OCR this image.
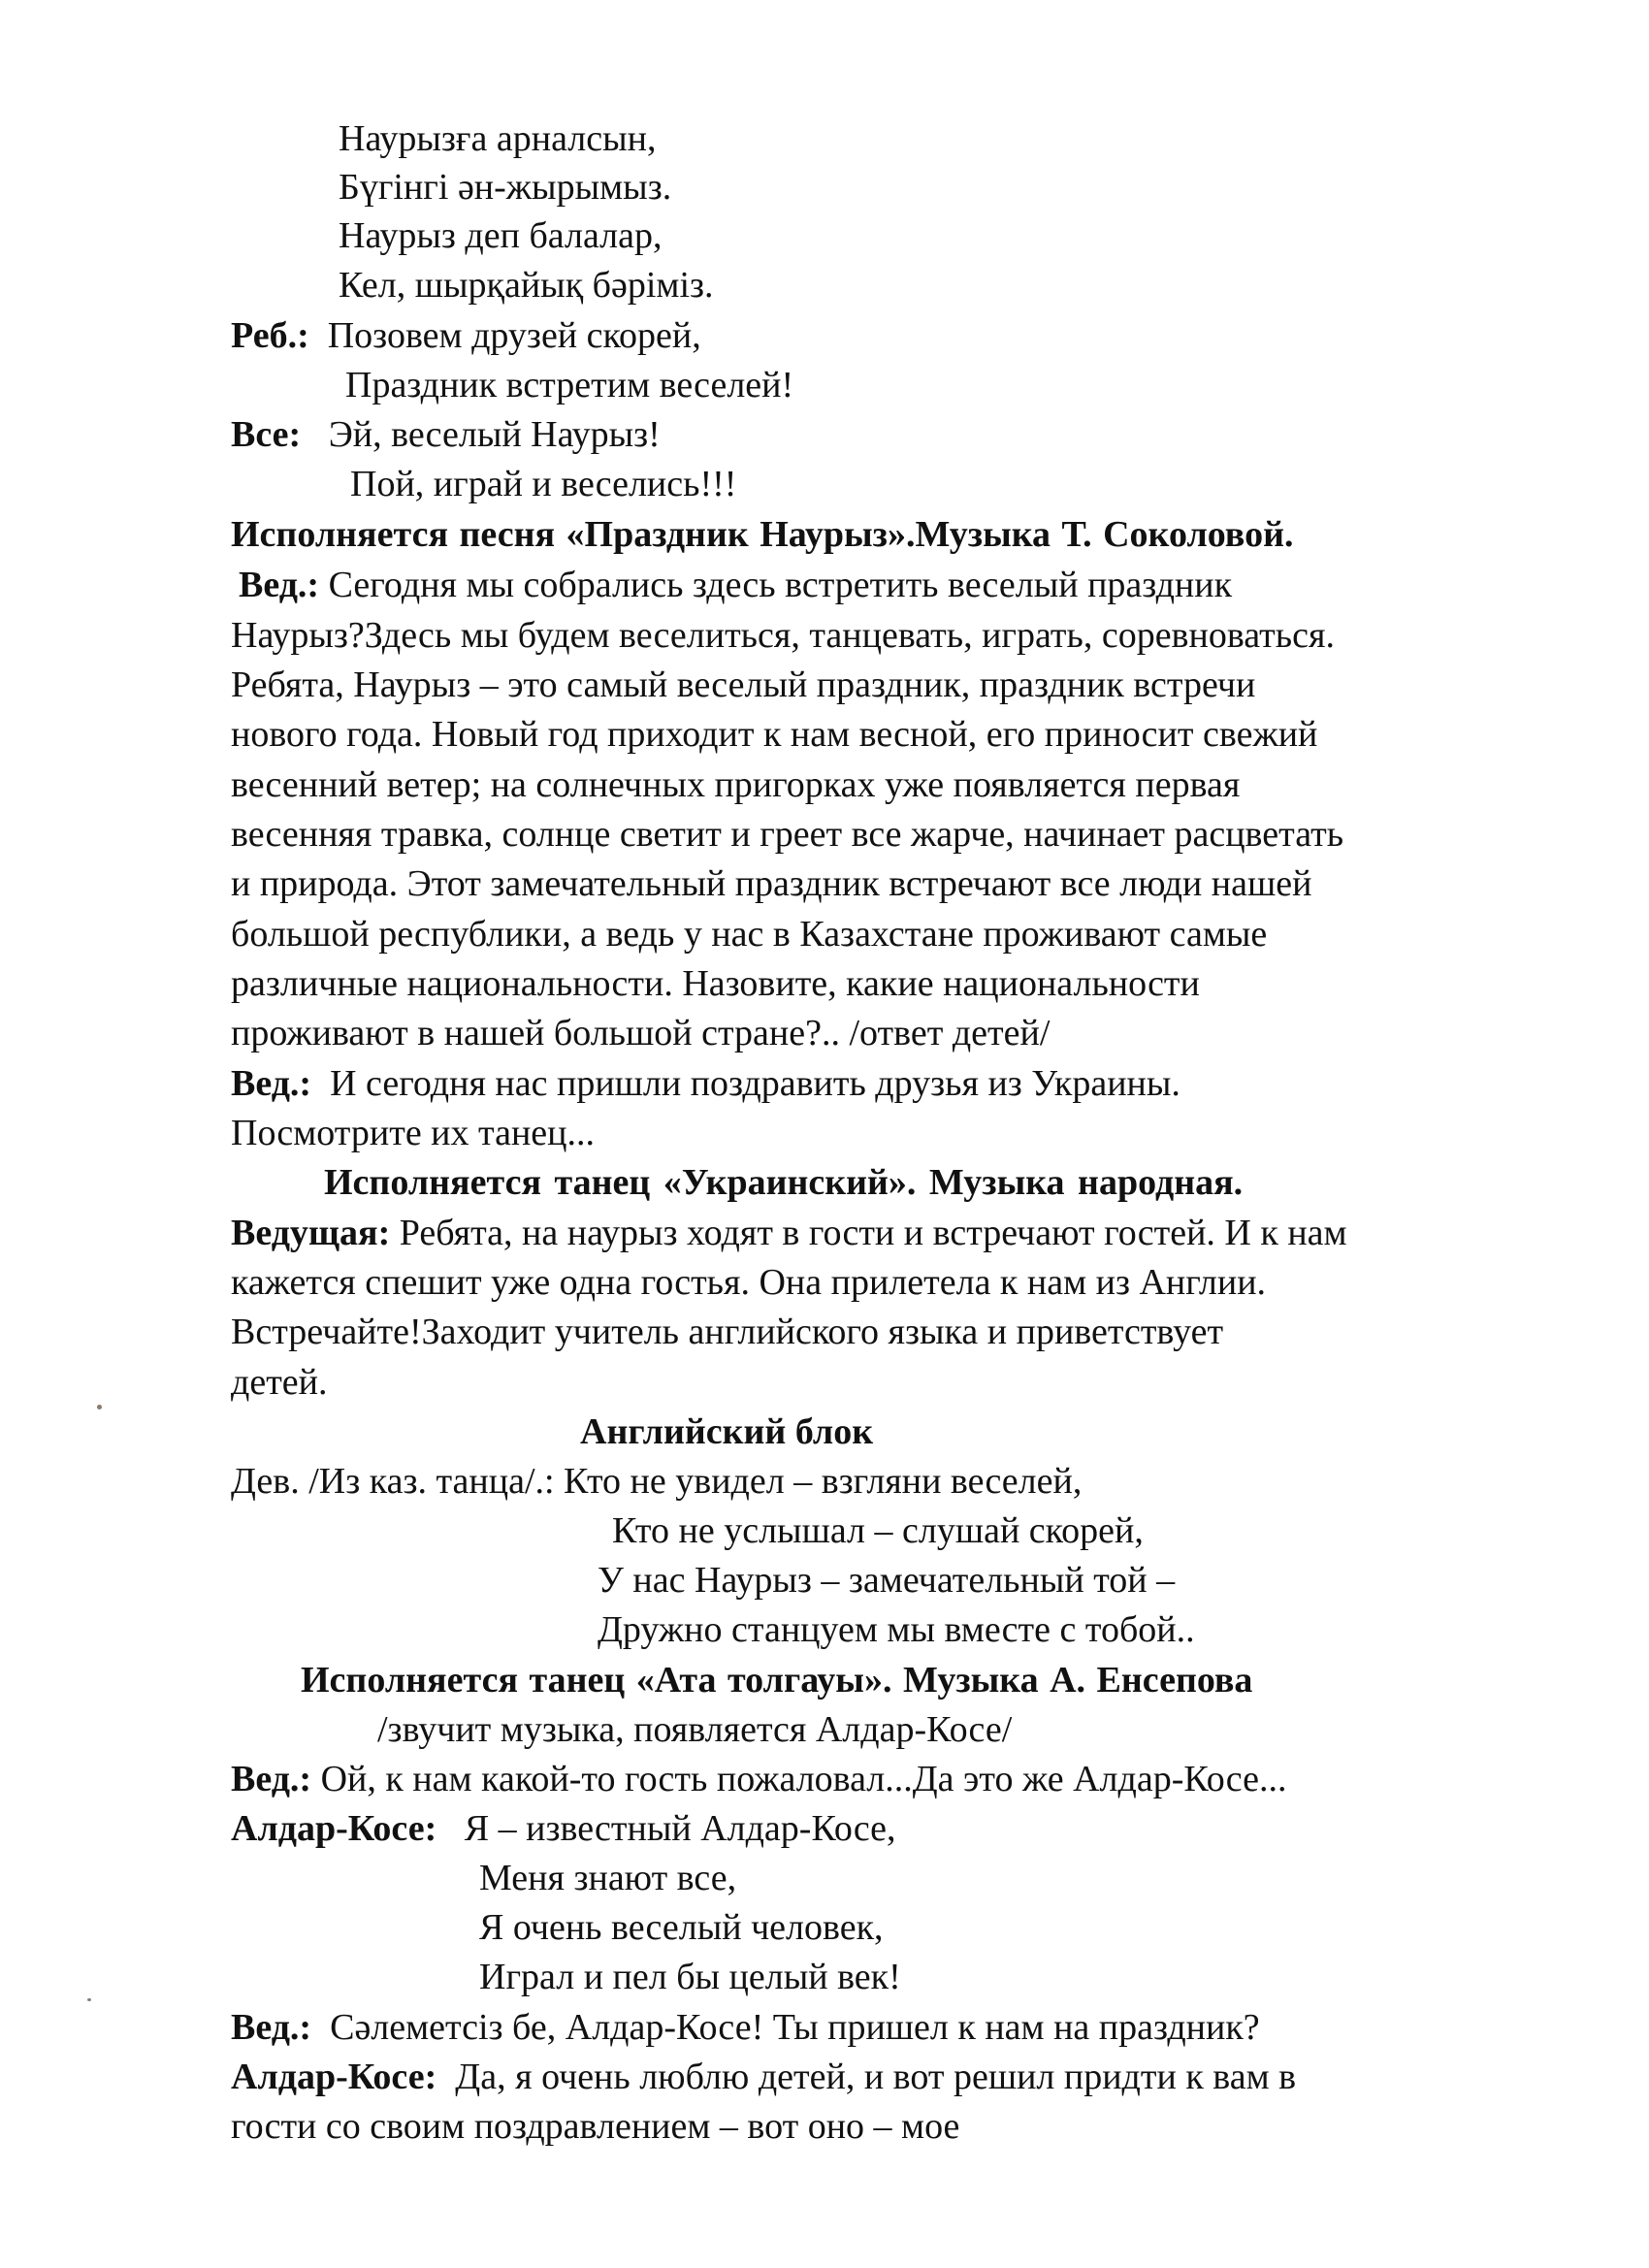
Наурызға арналсын,
Бүгінгі ән-жырымыз.
Наурыз деп балалар,
Кел, шырқайық бәріміз.
Реб.: Позовем друзей скорей,
Праздник встретим веселей!
Все: Эй, веселый Наурыз!
Пой, играй и веселись!!!
Исполняется песня «Праздник Наурыз».Музыка Т. Соколовой.
Вед.: Сегодня мы собрались здесь встретить веселый праздник
Наурыз?Здесь мы будем веселиться, танцевать, играть, соревноваться.
Ребята, Наурыз – это самый веселый праздник, праздник встречи
нового года. Новый год приходит к нам весной, его приносит свежий
весенний ветер; на солнечных пригорках уже появляется первая
весенняя травка, солнце светит и греет все жарче, начинает расцветать
и природа. Этот замечательный праздник встречают все люди нашей
большой республики, а ведь у нас в Казахстане проживают самые
различные национальности. Назовите, какие национальности
проживают в нашей большой стране?.. /ответ детей/
Вед.: И сегодня нас пришли поздравить друзья из Украины.
Посмотрите их танец...
Исполняется танец «Украинский». Музыка народная.
Ведущая: Ребята, на наурыз ходят в гости и встречают гостей. И к нам
кажется спешит уже одна гостья. Она прилетела к нам из Англии.
Встречайте!Заходит учитель английского языка и приветствует
детей.
Английский блок
Дев. /Из каз. танца/.: Кто не увидел – взгляни веселей,
Кто не услышал – слушай скорей,
У нас Наурыз – замечательный той –
Дружно станцуем мы вместе с тобой..
Исполняется танец «Ата толгауы». Музыка А. Енсепова
/звучит музыка, появляется Алдар-Косе/
Вед.: Ой, к нам какой-то гость пожаловал...Да это же Алдар-Косе...
Алдар-Косе: Я – известный Алдар-Косе,
Меня знают все,
Я очень веселый человек,
Играл и пел бы целый век!
Вед.: Сәлеметсіз бе, Алдар-Косе! Ты пришел к нам на праздник?
Алдар-Косе: Да, я очень люблю детей, и вот решил придти к вам в
гости со своим поздравлением – вот оно – мое
